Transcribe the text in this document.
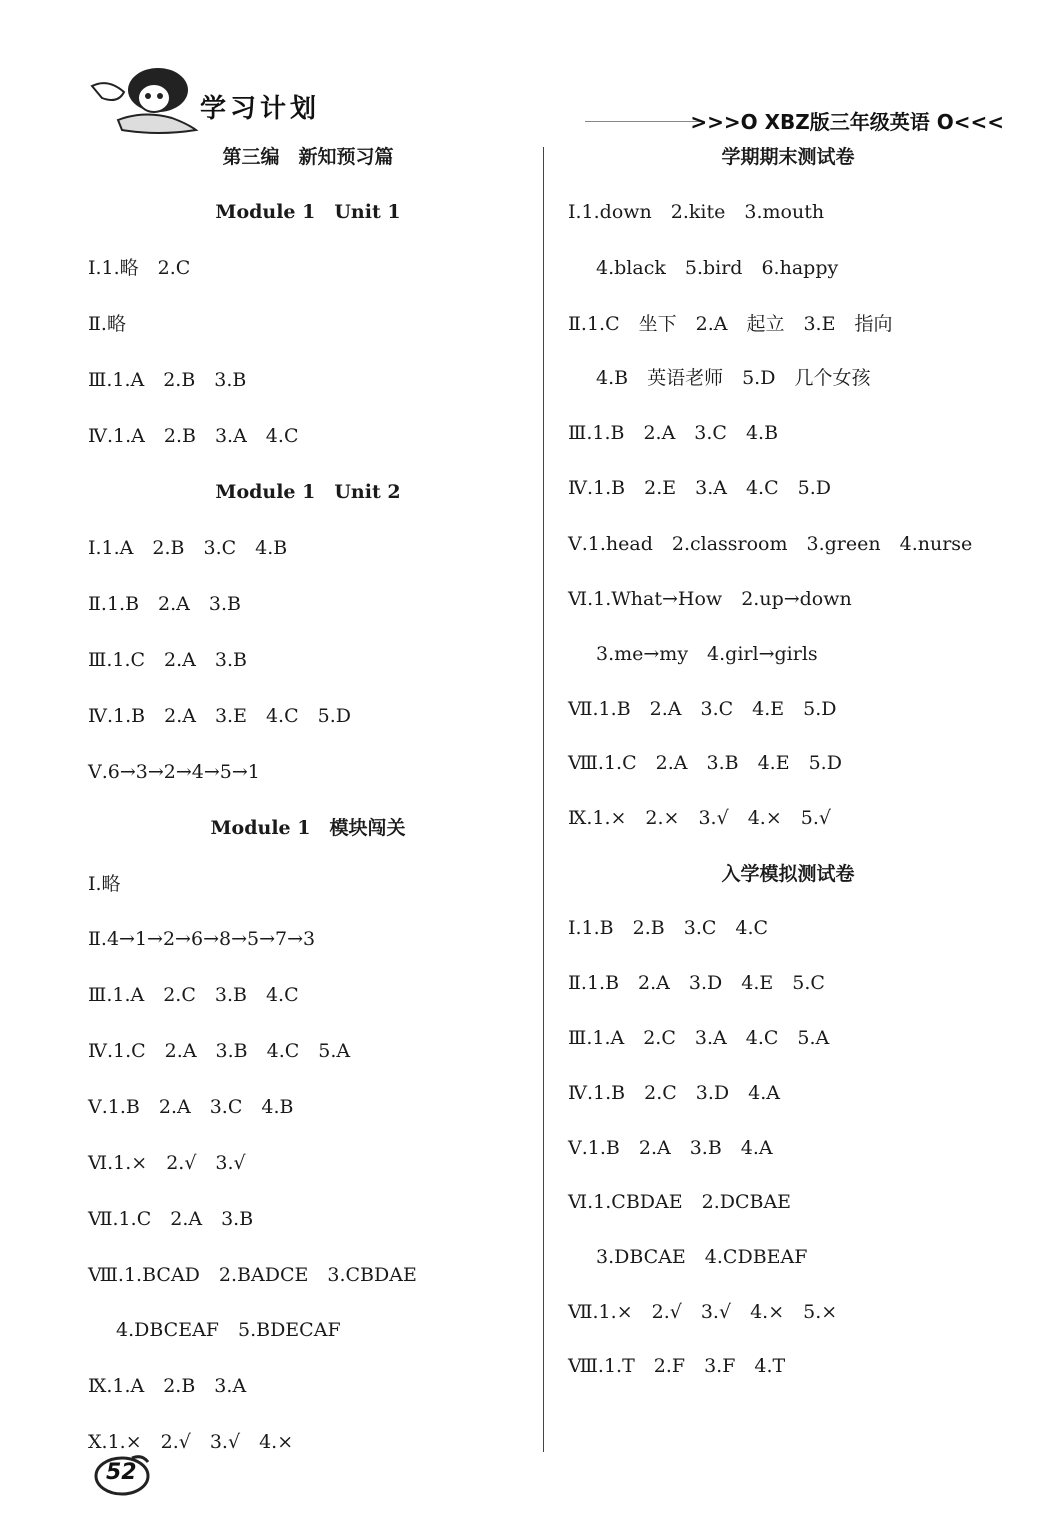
学习计划	>>>O XBZ版三年级英语 O<<<
第三编　新知预习篇
Module 1　Unit 1
Ⅰ.1.略　2.C
Ⅱ.略
Ⅲ.1.A　2.B　3.B
Ⅳ.1.A　2.B　3.A　4.C
Module 1　Unit 2
Ⅰ.1.A　2.B　3.C　4.B
Ⅱ.1.B　2.A　3.B
Ⅲ.1.C　2.A　3.B
Ⅳ.1.B　2.A　3.E　4.C　5.D
Ⅴ.6→3→2→4→5→1
Module 1　模块闯关
Ⅰ.略
Ⅱ.4→1→2→6→8→5→7→3
Ⅲ.1.A　2.C　3.B　4.C
Ⅳ.1.C　2.A　3.B　4.C　5.A
Ⅴ.1.B　2.A　3.C　4.B
Ⅵ.1.×　2.√　3.√
Ⅶ.1.C　2.A　3.B
Ⅷ.1.BCAD　2.BADCE　3.CBDAE
4.DBCEAF　5.BDECAF
Ⅸ.1.A　2.B　3.A
Ⅹ.1.×　2.√　3.√　4.×
学期期末测试卷
Ⅰ.1.down　2.kite　3.mouth
4.black　5.bird　6.happy
Ⅱ.1.C　坐下　2.A　起立　3.E　指向
4.B　英语老师　5.D　几个女孩
Ⅲ.1.B　2.A　3.C　4.B
Ⅳ.1.B　2.E　3.A　4.C　5.D
Ⅴ.1.head　2.classroom　3.green　4.nurse
Ⅵ.1.What→How　2.up→down
3.me→my　4.girl→girls
Ⅶ.1.B　2.A　3.C　4.E　5.D
Ⅷ.1.C　2.A　3.B　4.E　5.D
Ⅸ.1.×　2.×　3.√　4.×　5.√
入学模拟测试卷
Ⅰ.1.B　2.B　3.C　4.C
Ⅱ.1.B　2.A　3.D　4.E　5.C
Ⅲ.1.A　2.C　3.A　4.C　5.A
Ⅳ.1.B　2.C　3.D　4.A
Ⅴ.1.B　2.A　3.B　4.A
Ⅵ.1.CBDAE　2.DCBAE
3.DBCAE　4.CDBEAF
Ⅶ.1.×　2.√　3.√　4.×　5.×
Ⅷ.1.T　2.F　3.F　4.T
52
